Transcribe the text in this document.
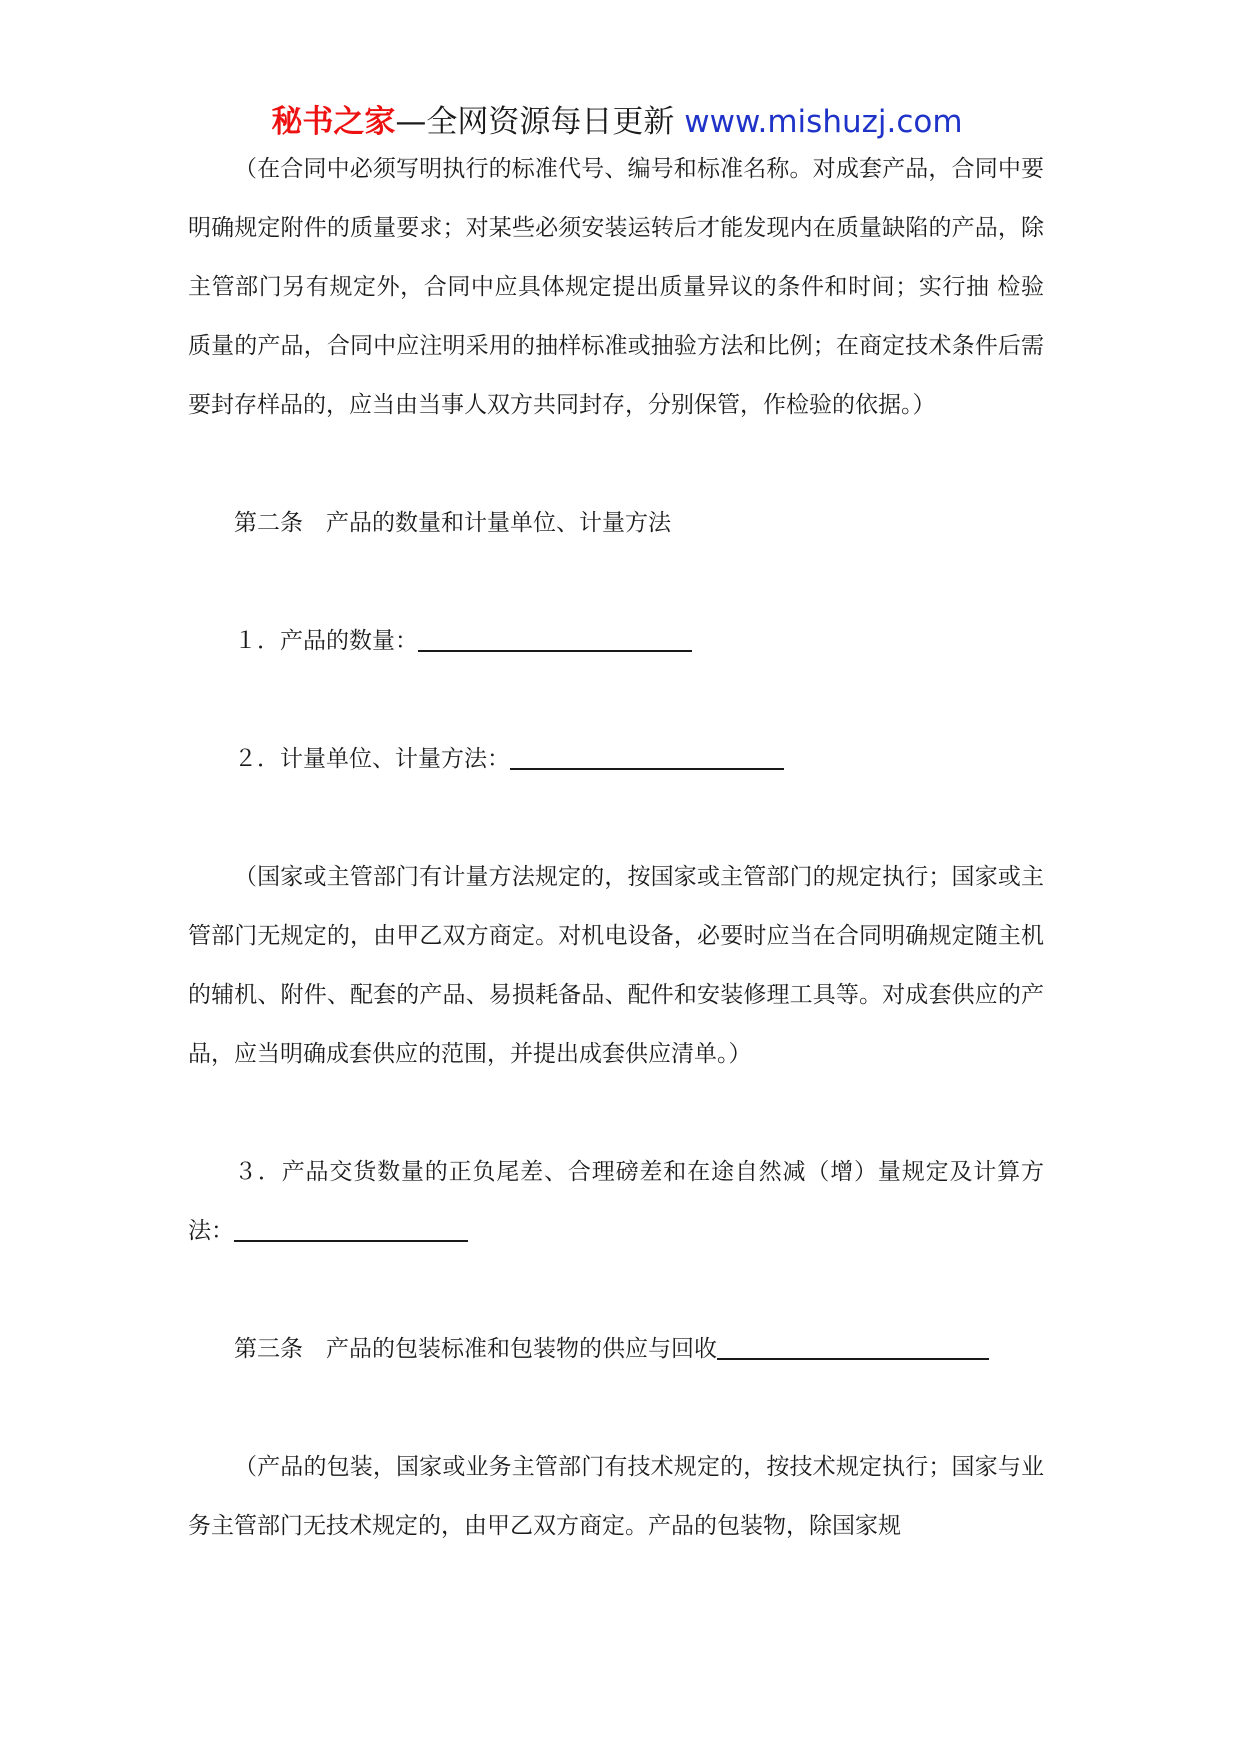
秘书之家—全网资源每日更新 www.mishuzj.com

（在合同中必须写明执行的标准代号、编号和标准名称。对成套产品，合同中要明确规定附件的质量要求；对某些必须安装运转后才能发现内在质量缺陷的产品，除主管部门另有规定外，合同中应具体规定提出质量异议的条件和时间；实行抽 检验质量的产品，合同中应注明采用的抽样标准或抽验方法和比例；在商定技术条件后需要封存样品的，应当由当事人双方共同封存，分别保管，作检验的依据。）

第二条　产品的数量和计量单位、计量方法

１．产品的数量：

２．计量单位、计量方法：

（国家或主管部门有计量方法规定的，按国家或主管部门的规定执行；国家或主管部门无规定的，由甲乙双方商定。对机电设备，必要时应当在合同明确规定随主机的辅机、附件、配套的产品、易损耗备品、配件和安装修理工具等。对成套供应的产品，应当明确成套供应的范围，并提出成套供应清单。）

３．产品交货数量的正负尾差、合理磅差和在途自然减（增）量规定及计算方法：

第三条　产品的包装标准和包装物的供应与回收

（产品的包装，国家或业务主管部门有技术规定的，按技术规定执行；国家与业务主管部门无技术规定的，由甲乙双方商定。产品的包装物，除国家规
